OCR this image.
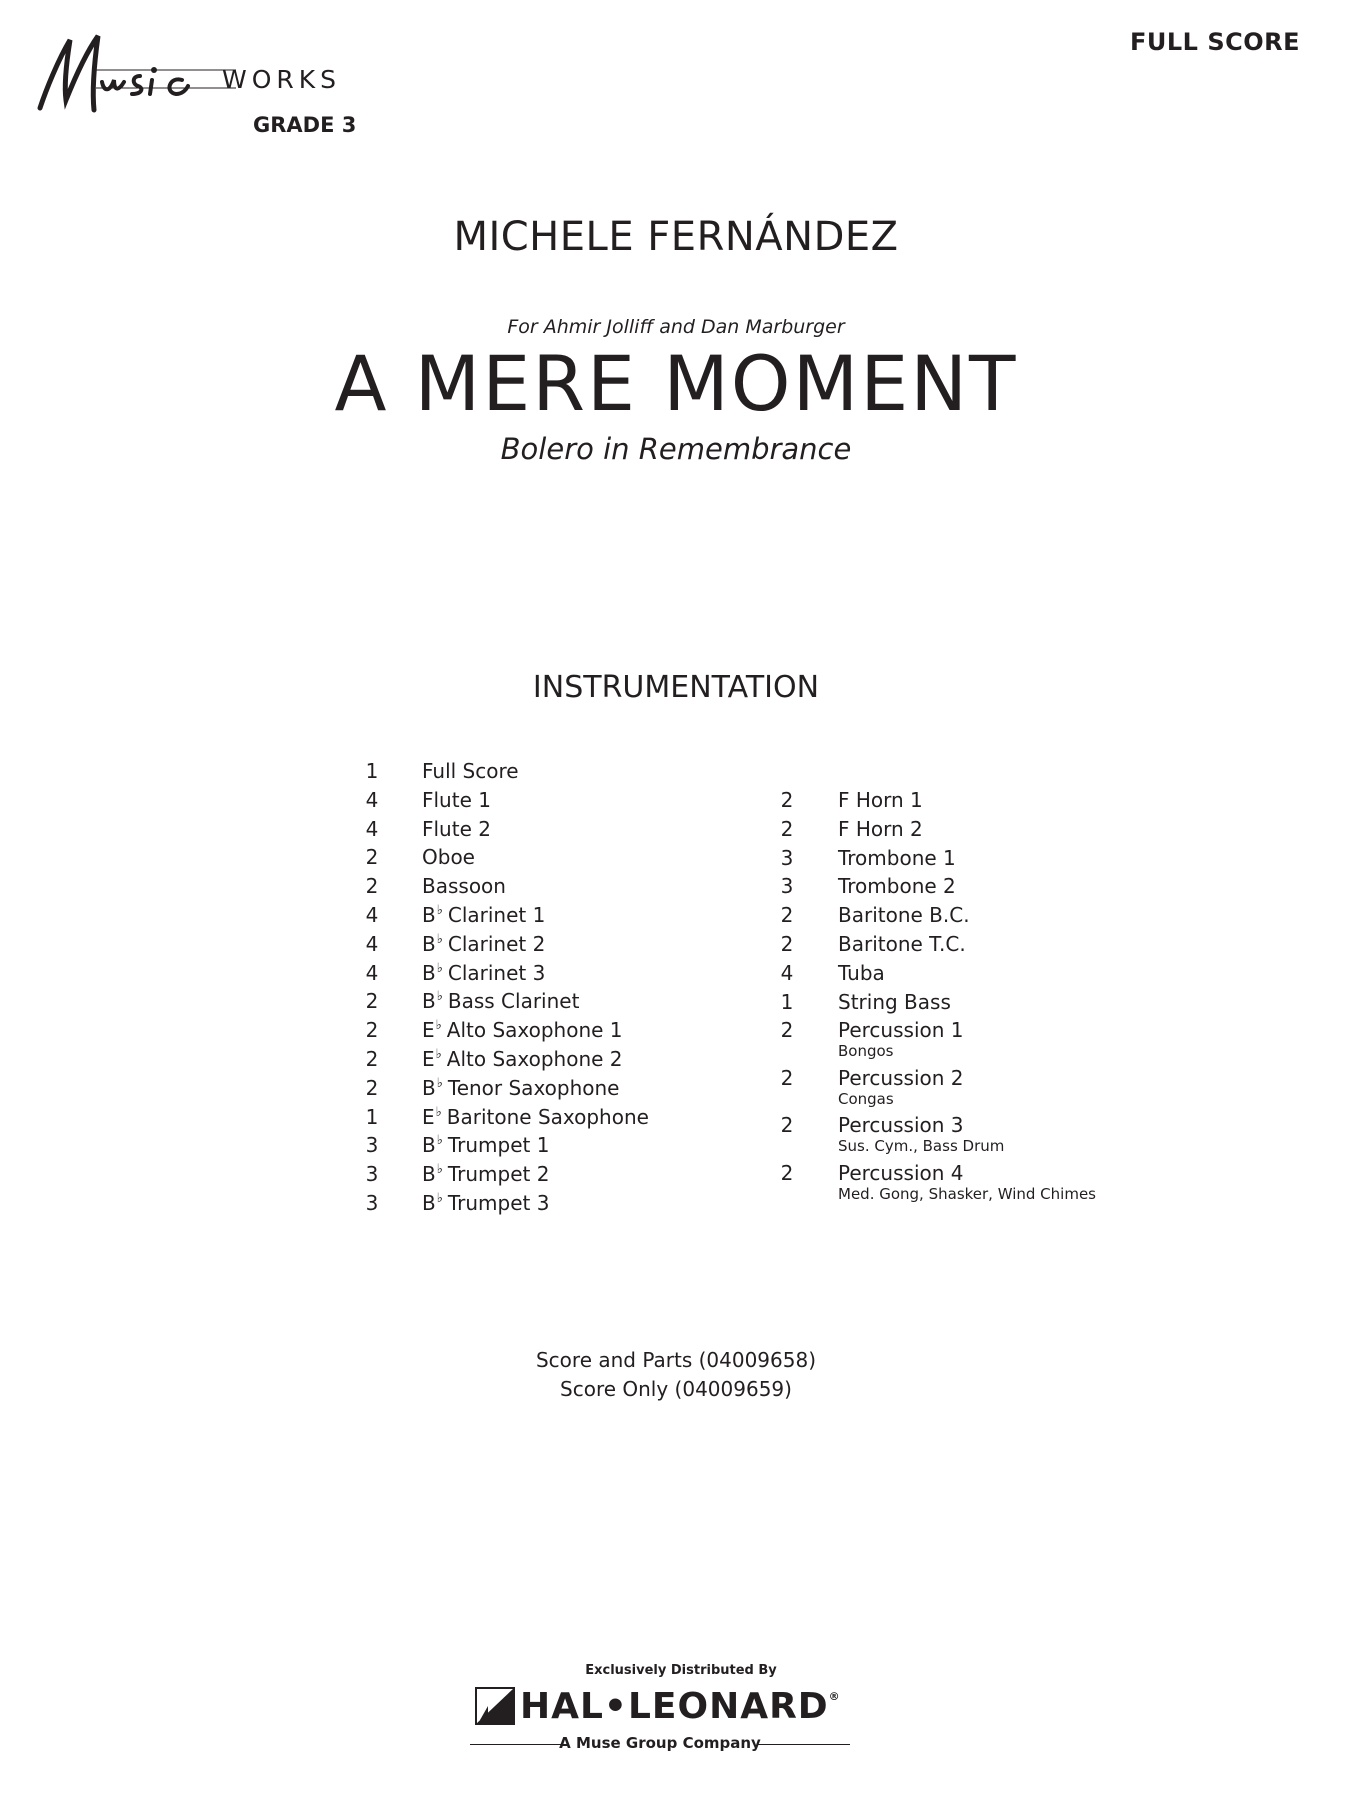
WORKS
GRADE 3
FULL SCORE
MICHELE FERNÁNDEZ
For Ahmir Jolliff and Dan Marburger
A MERE MOMENT
Bolero in Remembrance
INSTRUMENTATION
1 Full Score
4 Flute 1
4 Flute 2
2 Oboe
2 Bassoon
4 B♭ Clarinet 1
4 B♭ Clarinet 2
4 B♭ Clarinet 3
2 B♭ Bass Clarinet
2 E♭ Alto Saxophone 1
2 E♭ Alto Saxophone 2
2 B♭ Tenor Saxophone
1 E♭ Baritone Saxophone
3 B♭ Trumpet 1
3 B♭ Trumpet 2
3 B♭ Trumpet 3
2 F Horn 1
2 F Horn 2
3 Trombone 1
3 Trombone 2
2 Baritone B.C.
2 Baritone T.C.
4 Tuba
1 String Bass
2 Percussion 1
Bongos
2 Percussion 2
Congas
2 Percussion 3
Sus. Cym., Bass Drum
2 Percussion 4
Med. Gong, Shasker, Wind Chimes
Score and Parts (04009658)
Score Only (04009659)
Exclusively Distributed By
HAL•LEONARD®
A Muse Group Company
